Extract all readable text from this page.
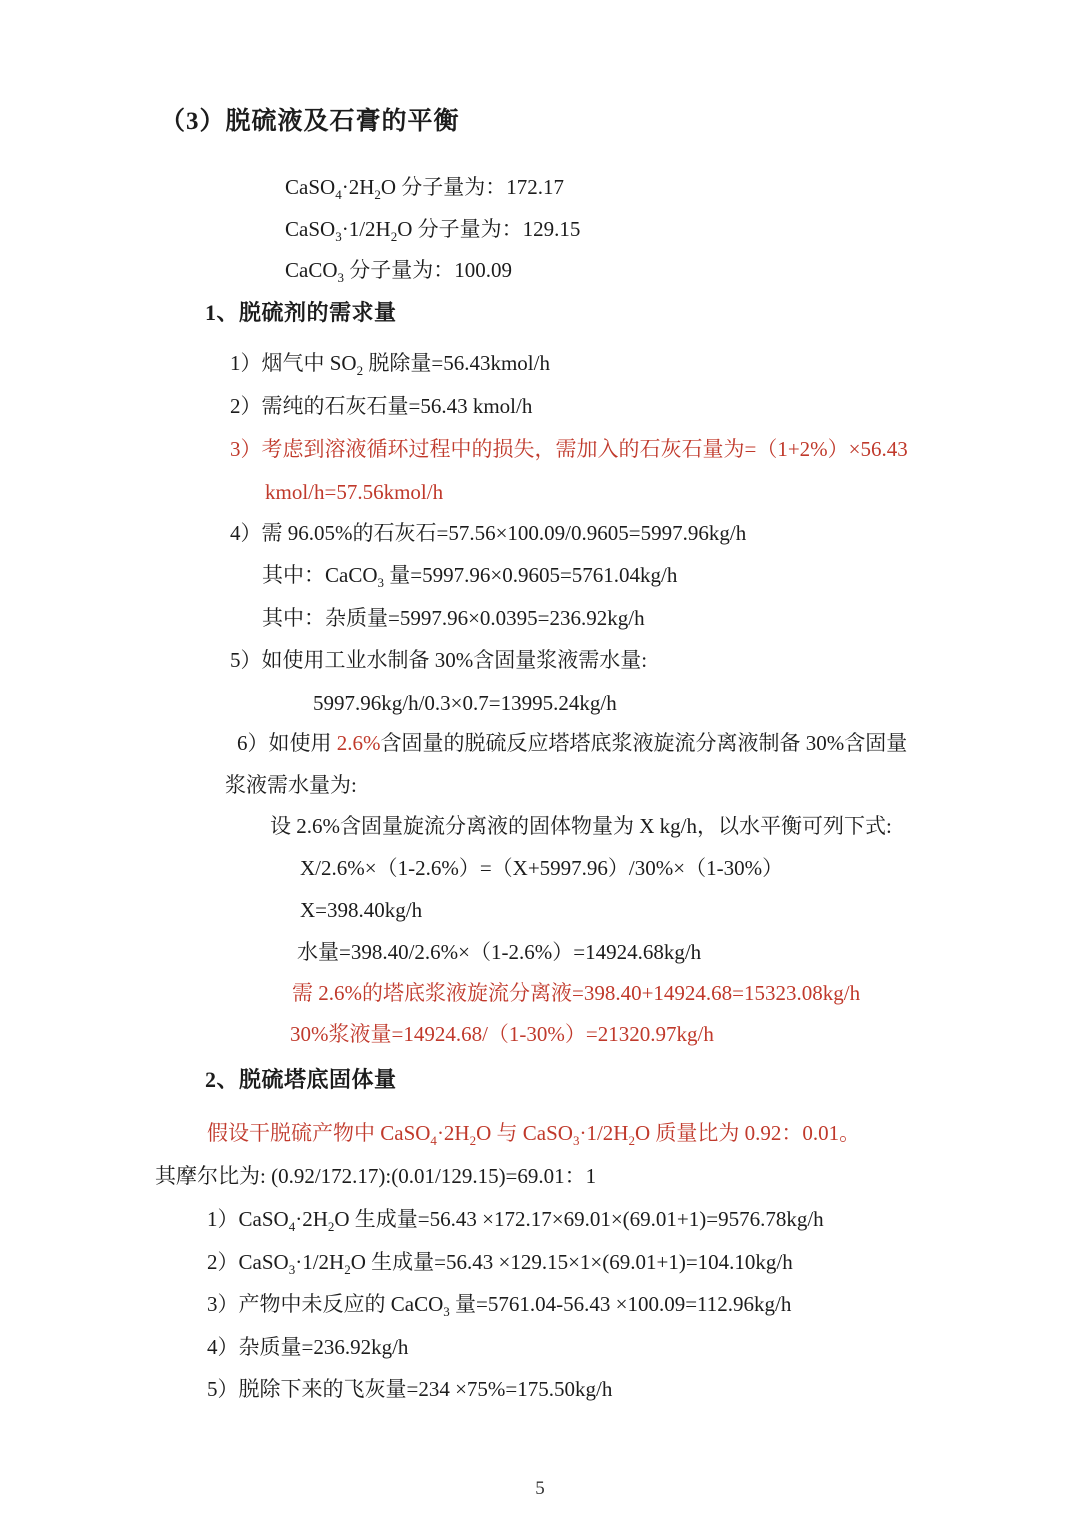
（3）脱硫液及石膏的平衡
$CaSO_4\cdot 2H_2O$ 分子量为：172.17
$CaSO_3\cdot 1/2H_2O$ 分子量为：129.15
CaCO$_3$ 分子量为：100.09
1、脱硫剂的需求量
1）烟气中 $SO_2$ 脱除量=56.43kmol/h
2）需纯的石灰石量=56.43 kmol/h
3）考虑到溶液循环过程中的损失，需加入的石灰石量为=（1+2%）×56.43
kmol/h=57.56kmol/h
4）需 96.05%的石灰石=57.56×100.09/0.9605=5997.96kg/h
其中：CaCO$_3$ 量=5997.96×0.9605=5761.04kg/h
其中：杂质量=5997.96×0.0395=236.92kg/h
5）如使用工业水制备 30%含固量浆液需水量:
5997.96kg/h/0.3×0.7=13995.24kg/h
6）如使用 2.6%含固量的脱硫反应塔塔底浆液旋流分离液制备 30%含固量
浆液需水量为:
设 2.6%含固量旋流分离液的固体物量为 X kg/h，以水平衡可列下式:
X/2.6%×（1-2.6%）=（X+5997.96）/30%×（1-30%）
X=398.40kg/h
水量=398.40/2.6%×（1-2.6%）=14924.68kg/h
需 2.6%的塔底浆液旋流分离液=398.40+14924.68=15323.08kg/h
30%浆液量=14924.68/（1-30%）=21320.97kg/h
2、脱硫塔底固体量
假设干脱硫产物中 $CaSO_4\cdot 2H_2O$ 与 $CaSO_3\cdot 1/2H_2O$ 质量比为 0.92：0.01。
其摩尔比为: (0.92/172.17):(0.01/129.15)=69.01：1
$1)CaSO_4\cdot 2H_2O$ 生成量=56.43 ×172.17×69.01×(69.01+1)=9576.78kg/h
$2)CaSO_3\cdot 1/2H_2O$ 生成量=56.43 ×129.15×1×(69.01+1)=104.10kg/h
3）产物中未反应的 CaCO$_3$ 量=5761.04-56.43 ×100.09=112.96kg/h
4）杂质量=236.92kg/h
5）脱除下来的飞灰量=234 ×75%=175.50kg/h
5
